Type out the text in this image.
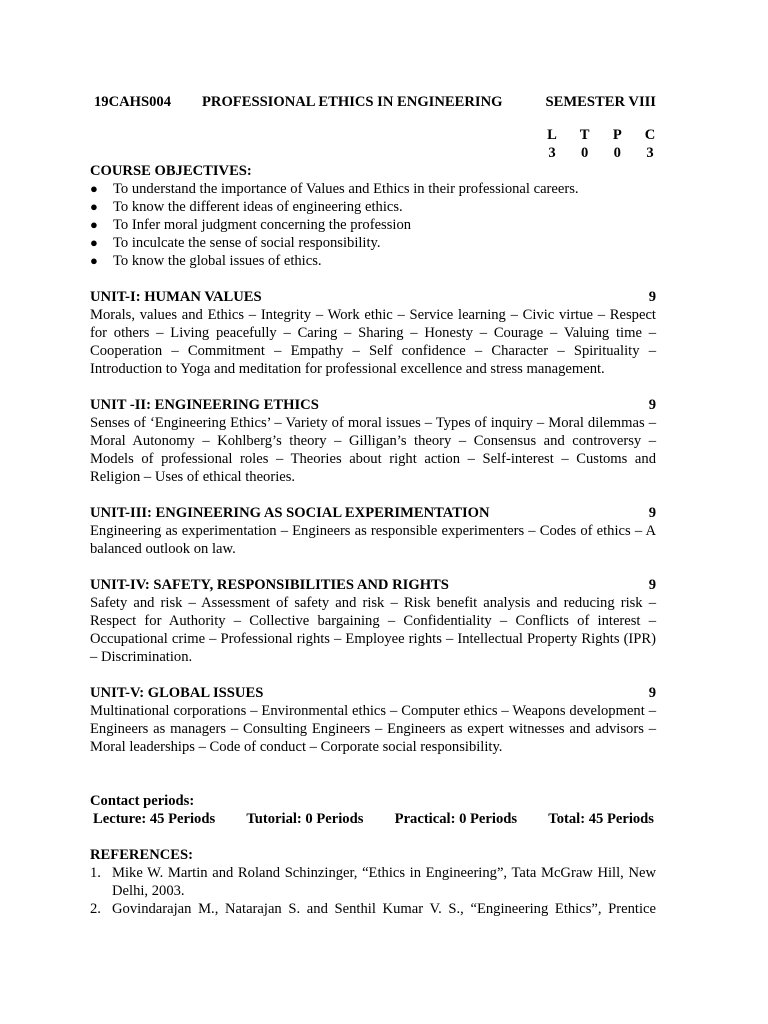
19CAHS004	PROFESSIONAL ETHICS IN ENGINEERING	SEMESTER VIII
L T P C
3 0 0 3
COURSE OBJECTIVES:
● To understand the importance of Values and Ethics in their professional careers.
● To know the different ideas of engineering ethics.
● To Infer moral judgment concerning the profession
● To inculcate the sense of social responsibility.
● To know the global issues of ethics.
UNIT-I: HUMAN VALUES	9
Morals, values and Ethics – Integrity – Work ethic – Service learning – Civic virtue – Respect for others – Living peacefully – Caring – Sharing – Honesty – Courage – Valuing time – Cooperation – Commitment – Empathy – Self confidence – Character – Spirituality – Introduction to Yoga and meditation for professional excellence and stress management.
UNIT -II: ENGINEERING ETHICS	9
Senses of ‘Engineering Ethics’ – Variety of moral issues – Types of inquiry – Moral dilemmas – Moral Autonomy – Kohlberg’s theory – Gilligan’s theory – Consensus and controversy – Models of professional roles – Theories about right action – Self-interest – Customs and Religion – Uses of ethical theories.
UNIT-III: ENGINEERING AS SOCIAL EXPERIMENTATION	9
Engineering as experimentation – Engineers as responsible experimenters – Codes of ethics – A balanced outlook on law.
UNIT-IV: SAFETY, RESPONSIBILITIES AND RIGHTS	9
Safety and risk – Assessment of safety and risk – Risk benefit analysis and reducing risk – Respect for Authority – Collective bargaining – Confidentiality – Conflicts of interest – Occupational crime – Professional rights – Employee rights – Intellectual Property Rights (IPR) – Discrimination.
UNIT-V: GLOBAL ISSUES	9
Multinational corporations – Environmental ethics – Computer ethics – Weapons development – Engineers as managers – Consulting Engineers – Engineers as expert witnesses and advisors – Moral leaderships – Code of conduct – Corporate social responsibility.
Contact periods:
Lecture: 45 Periods Tutorial: 0 Periods Practical: 0 Periods Total: 45 Periods
REFERENCES:
1. Mike W. Martin and Roland Schinzinger, “Ethics in Engineering”, Tata McGraw Hill, New Delhi, 2003.
2. Govindarajan M., Natarajan S. and Senthil Kumar V. S., “Engineering Ethics”, Prentice
